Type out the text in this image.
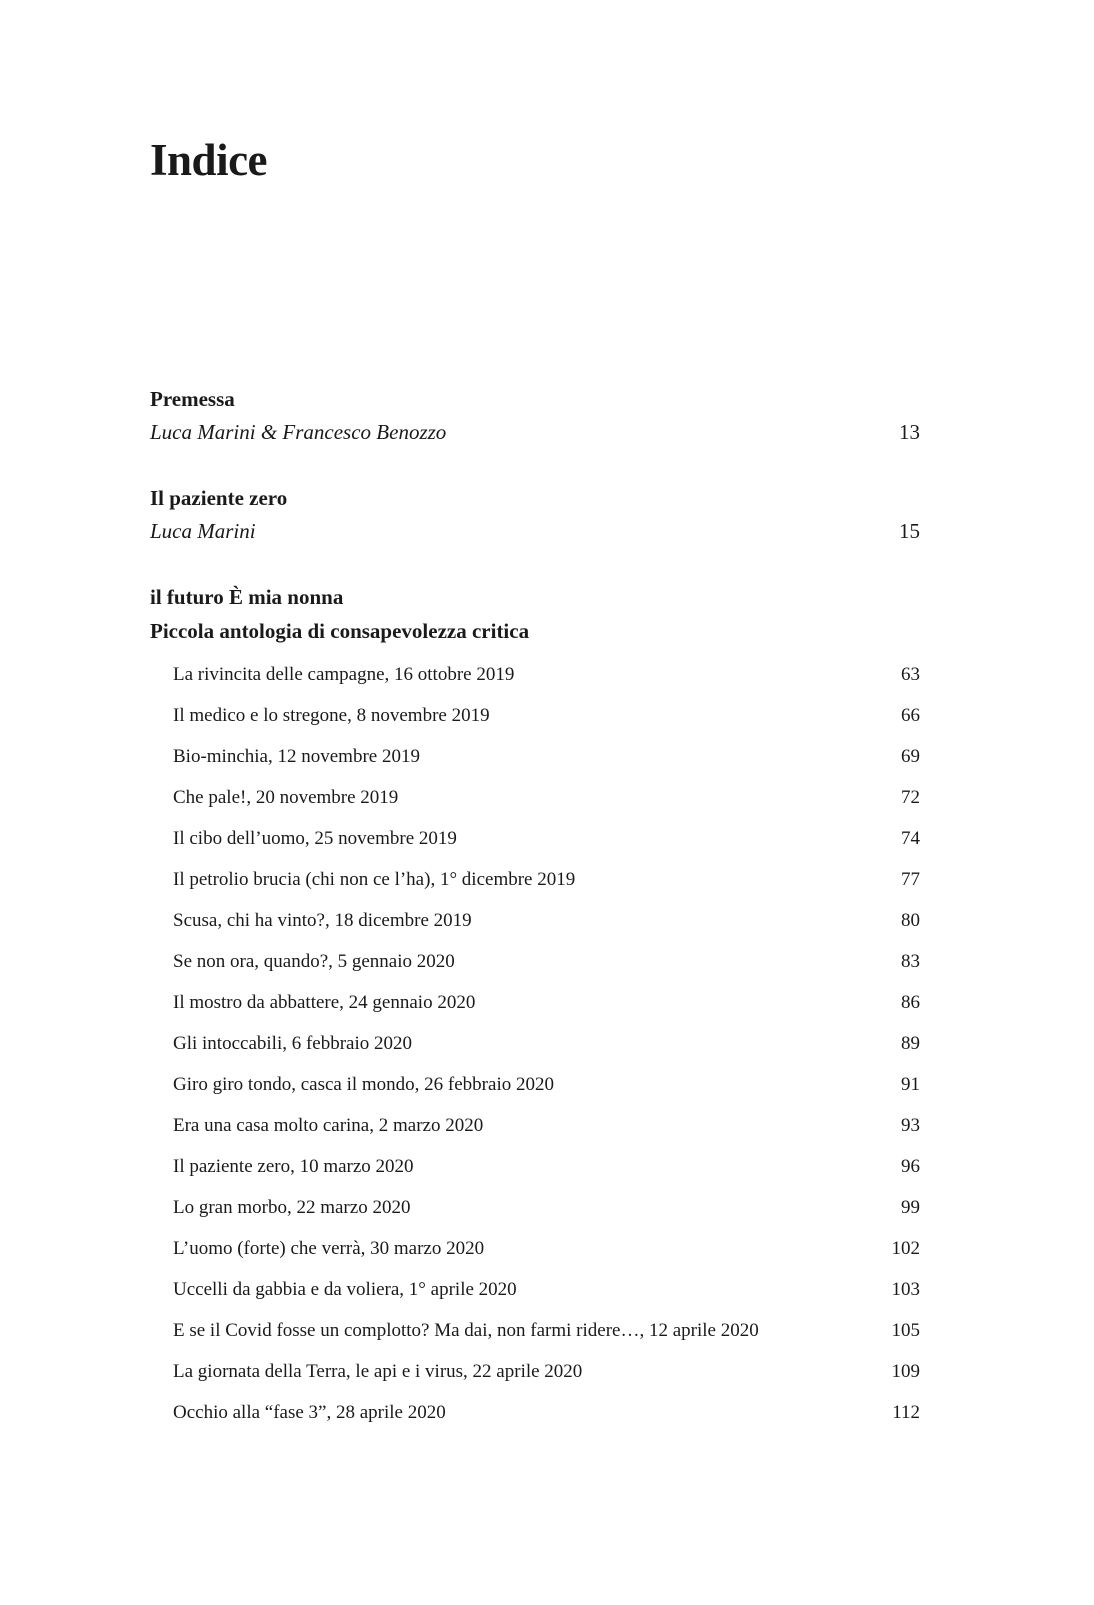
Indice
Premessa
Luca Marini & Francesco Benozzo	13
Il paziente zero
Luca Marini	15
il futuro È mia nonna
Piccola antologia di consapevolezza critica
La rivincita delle campagne, 16 ottobre 2019	63
Il medico e lo stregone, 8 novembre 2019	66
Bio-minchia, 12 novembre 2019	69
Che pale!, 20 novembre 2019	72
Il cibo dell’uomo, 25 novembre 2019	74
Il petrolio brucia (chi non ce l’ha), 1° dicembre 2019	77
Scusa, chi ha vinto?, 18 dicembre 2019	80
Se non ora, quando?, 5 gennaio 2020	83
Il mostro da abbattere, 24 gennaio 2020	86
Gli intoccabili, 6 febbraio 2020	89
Giro giro tondo, casca il mondo, 26 febbraio 2020	91
Era una casa molto carina, 2 marzo 2020	93
Il paziente zero, 10 marzo 2020	96
Lo gran morbo, 22 marzo 2020	99
L’uomo (forte) che verrà, 30 marzo 2020	102
Uccelli da gabbia e da voliera, 1° aprile 2020	103
E se il Covid fosse un complotto? Ma dai, non farmi ridere…, 12 aprile 2020	105
La giornata della Terra, le api e i virus, 22 aprile 2020	109
Occhio alla “fase 3”, 28 aprile 2020	112
